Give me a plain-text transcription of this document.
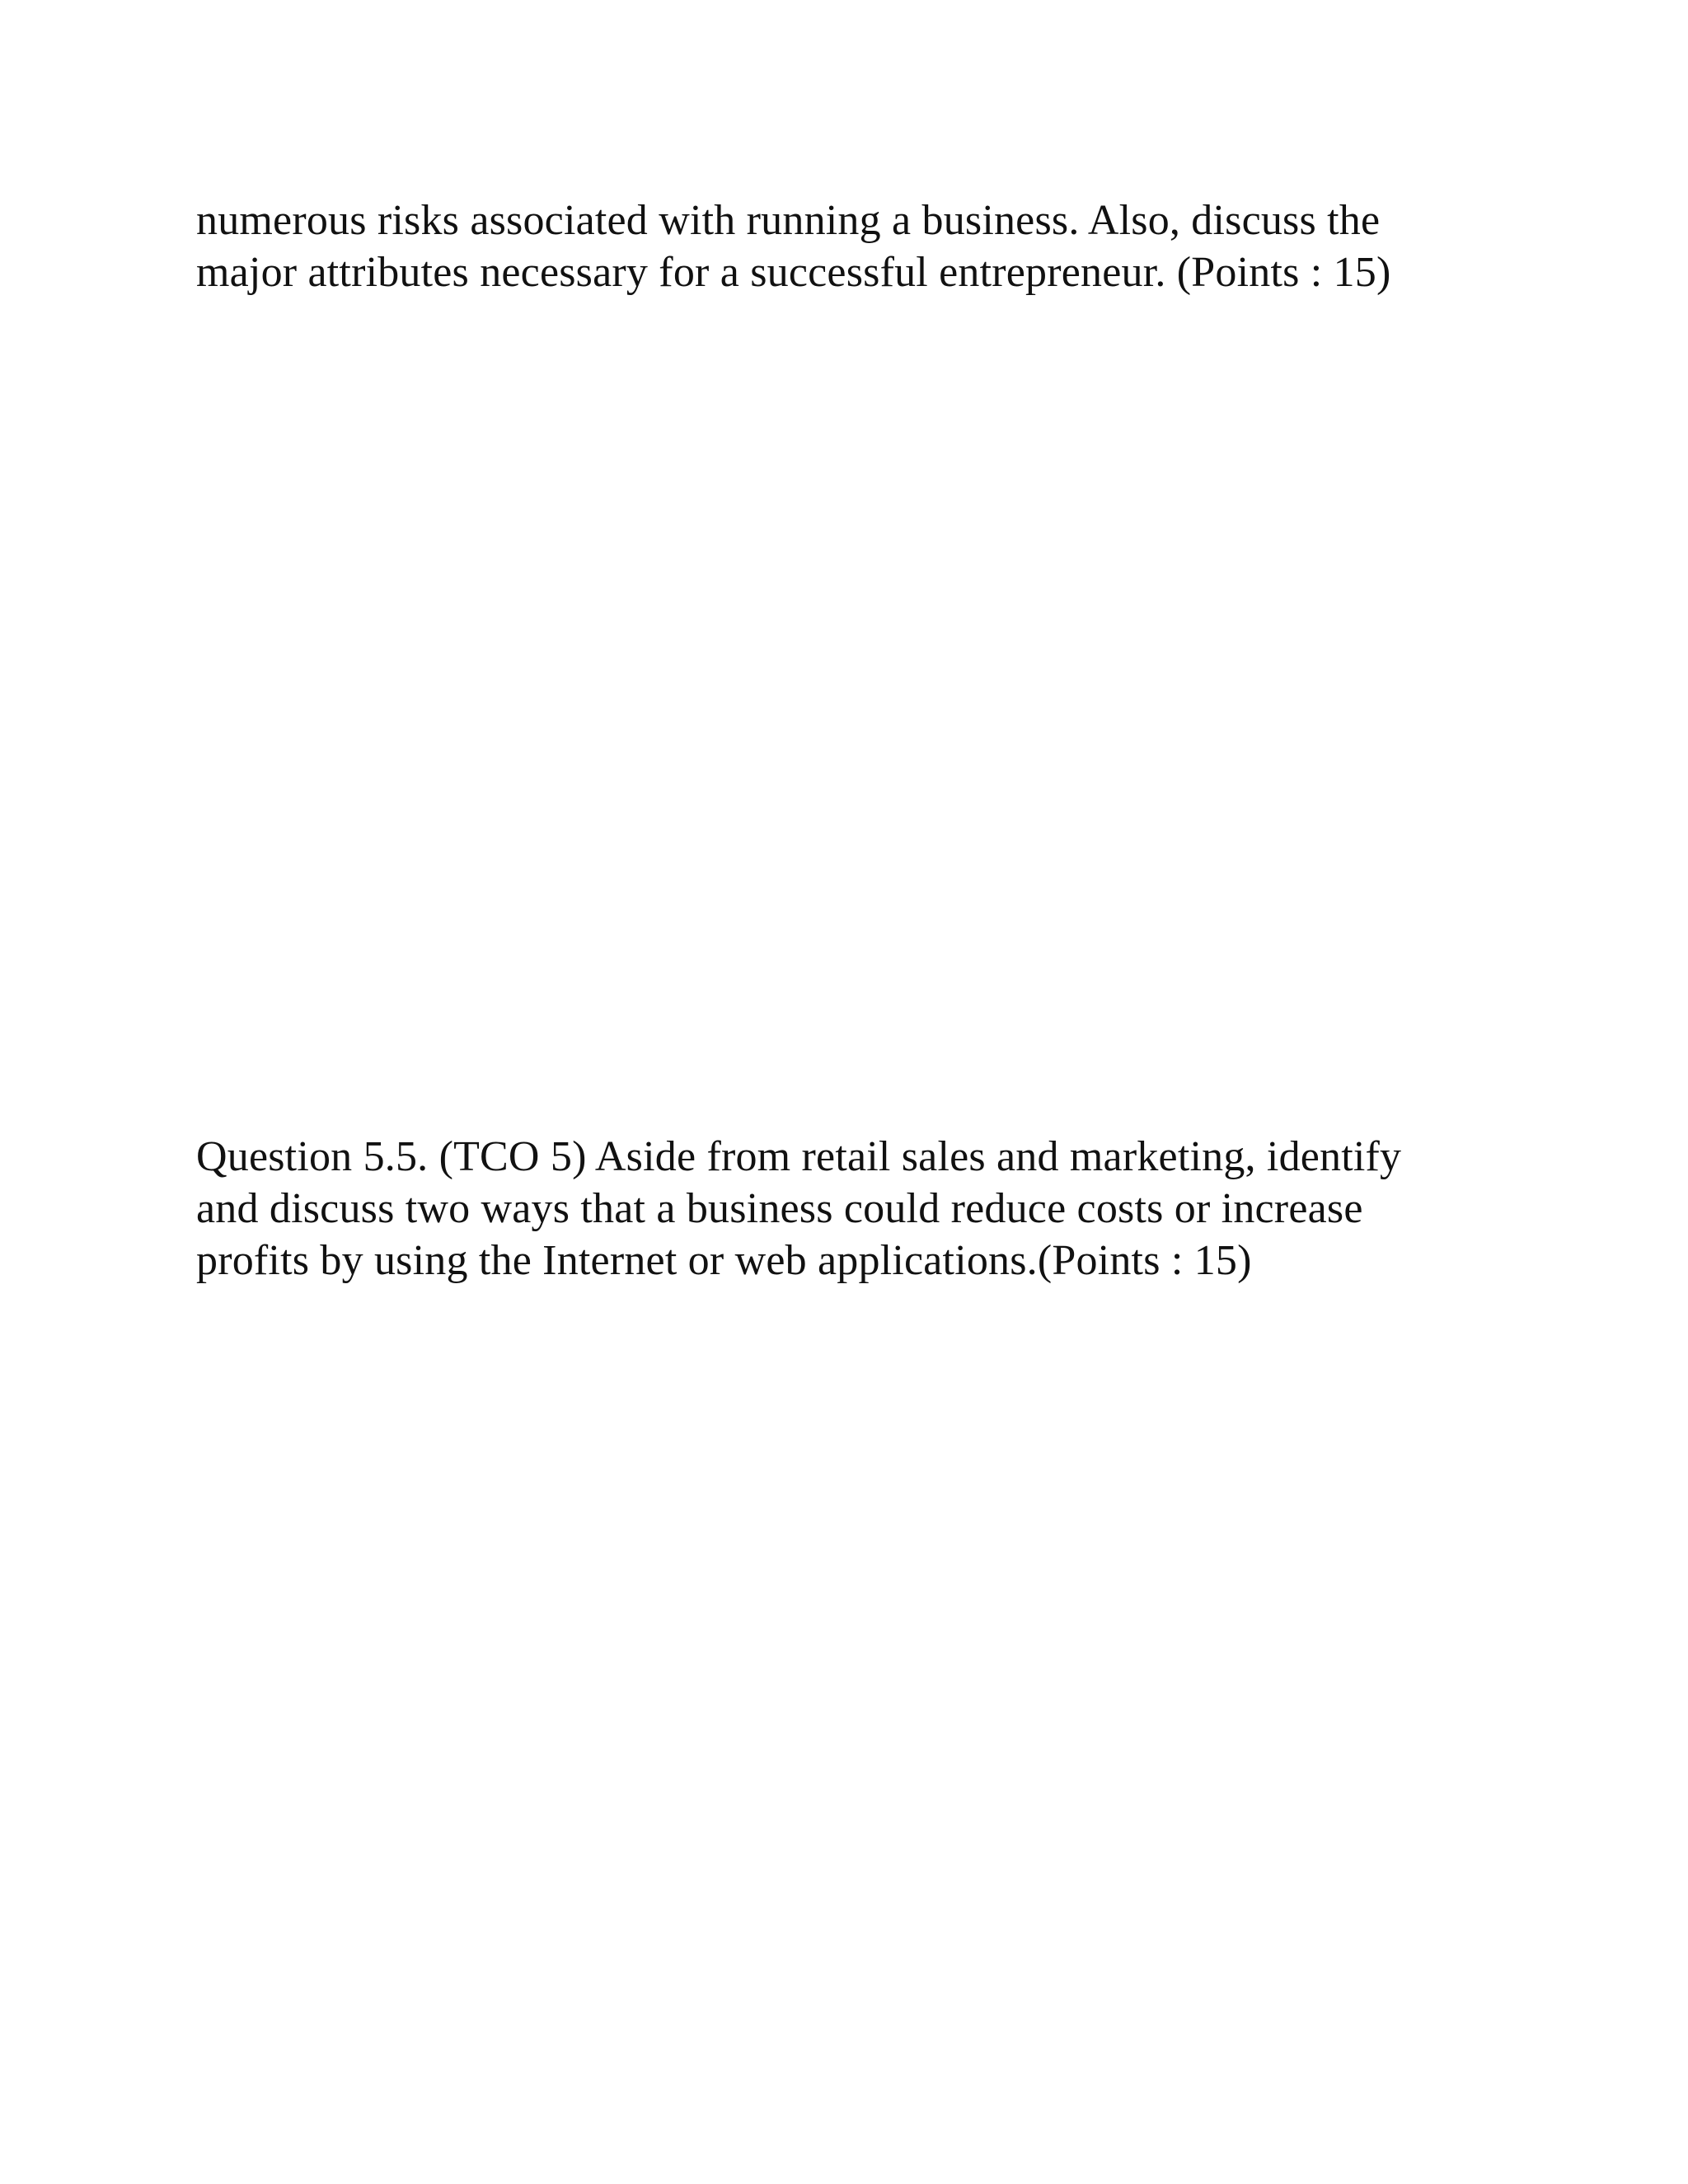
numerous risks associated with running a business. Also, discuss the
major attributes necessary for a successful entrepreneur. (Points : 15)
Question 5.5. (TCO 5) Aside from retail sales and marketing, identify
and discuss two ways that a business could reduce costs or increase
profits by using the Internet or web applications.(Points : 15)
